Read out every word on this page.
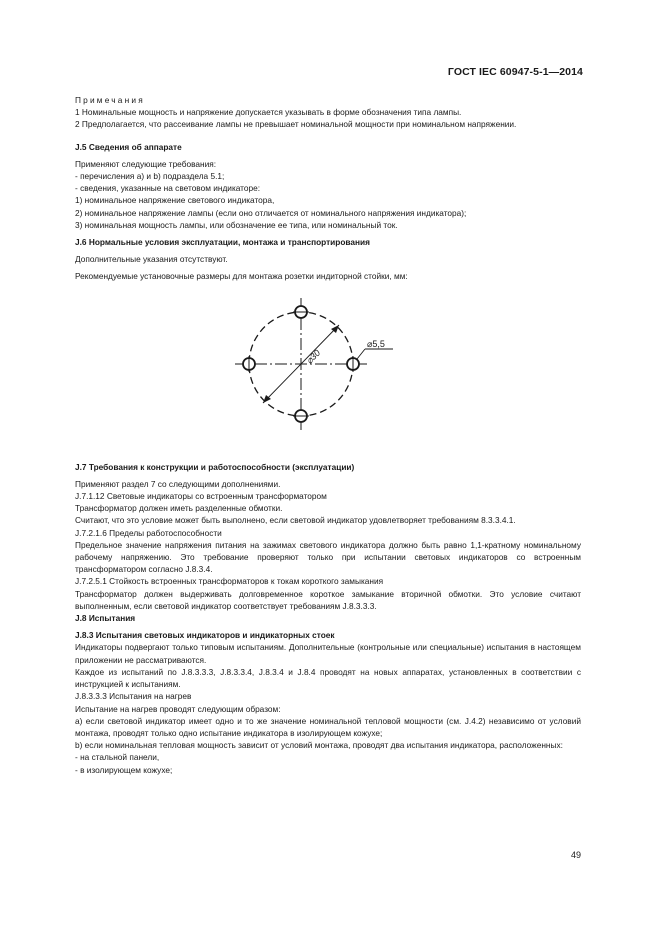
ГОСТ IEC 60947-5-1—2014

Примечания

1 Номинальные мощность и напряжение допускается указывать в форме обозначения типа лампы.

2 Предполагается, что рассеивание лампы не превышает номинальной мощности при номинальном напряжении.

J.5 Сведения об аппарате

Применяют следующие требования:

- перечисления а) и b) подраздела 5.1;

- сведения, указанные на световом индикаторе:

1) номинальное напряжение светового индикатора,

2) номинальное напряжение лампы (если оно отличается от номинального напряжения индикатора);

3) номинальная мощность лампы, или обозначение ее типа, или номинальный ток.

J.6 Нормальные условия эксплуатации, монтажа и транспортирования

Дополнительные указания отсутствуют.

Рекомендуемые установочные размеры для монтажа розетки индиторной стойки, мм:

⌀30
⌀5,5

J.7 Требования к конструкции и работоспособности (эксплуатации)

Применяют раздел 7 со следующими дополнениями.

J.7.1.12 Световые индикаторы со встроенным трансформатором

Трансформатор должен иметь разделенные обмотки.

Считают, что это условие может быть выполнено, если световой индикатор удовлетворяет требованиям 8.3.3.4.1.

J.7.2.1.6 Пределы работоспособности

Предельное значение напряжения питания на зажимах светового индикатора должно быть равно 1,1-кратному номинальному рабочему напряжению. Это требование проверяют только при испытании световых индикаторов со встроенным трансформатором согласно J.8.3.4.

J.7.2.5.1 Стойкость встроенных трансформаторов к токам короткого замыкания

Трансформатор должен выдерживать долговременное короткое замыкание вторичной обмотки. Это условие считают выполненным, если световой индикатор соответствует требованиям J.8.3.3.3.

J.8 Испытания

J.8.3 Испытания световых индикаторов и индикаторных стоек

Индикаторы подвергают только типовым испытаниям. Дополнительные (контрольные или специальные) испытания в настоящем приложении не рассматриваются.

Каждое из испытаний по J.8.3.3.3, J.8.3.3.4, J.8.3.4 и J.8.4 проводят на новых аппаратах, установленных в соответствии с инструкцией к испытаниям.

J.8.3.3.3 Испытания на нагрев

Испытание на нагрев проводят следующим образом:

а) если световой индикатор имеет одно и то же значение номинальной тепловой мощности (см. J.4.2) независимо от условий монтажа, проводят только одно испытание индикатора в изолирующем кожухе;

b) если номинальная тепловая мощность зависит от условий монтажа, проводят два испытания индикатора, расположенных:

- на стальной панели,

- в изолирующем кожухе;

49
